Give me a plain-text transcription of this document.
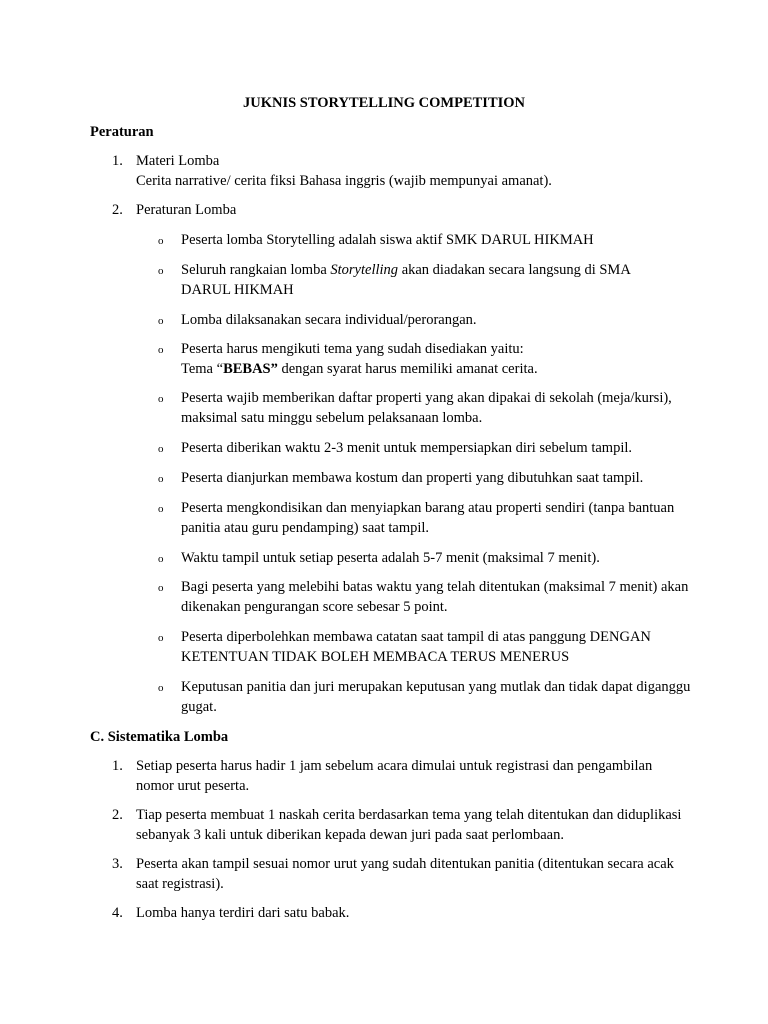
JUKNIS STORYTELLING COMPETITION
Peraturan
1. Materi Lomba
Cerita narrative/ cerita fiksi Bahasa inggris (wajib mempunyai amanat).
2. Peraturan Lomba
o Peserta lomba Storytelling adalah siswa aktif SMK DARUL HIKMAH
o Seluruh rangkaian lomba Storytelling akan diadakan secara langsung di SMA
DARUL HIKMAH
o Lomba dilaksanakan secara individual/perorangan.
o Peserta harus mengikuti tema yang sudah disediakan yaitu:
Tema “BEBAS” dengan syarat harus memiliki amanat cerita.
o Peserta wajib memberikan daftar properti yang akan dipakai di sekolah (meja/kursi), maksimal satu minggu sebelum pelaksanaan lomba.
o Peserta diberikan waktu 2-3 menit untuk mempersiapkan diri sebelum tampil.
o Peserta dianjurkan membawa kostum dan properti yang dibutuhkan saat tampil.
o Peserta mengkondisikan dan menyiapkan barang atau properti sendiri (tanpa bantuan panitia atau guru pendamping) saat tampil.
o Waktu tampil untuk setiap peserta adalah 5-7 menit (maksimal 7 menit).
o Bagi peserta yang melebihi batas waktu yang telah ditentukan (maksimal 7 menit) akan dikenakan pengurangan score sebesar 5 point.
o Peserta diperbolehkan membawa catatan saat tampil di atas panggung DENGAN KETENTUAN TIDAK BOLEH MEMBACA TERUS MENERUS
o Keputusan panitia dan juri merupakan keputusan yang mutlak dan tidak dapat diganggu gugat.
C. Sistematika Lomba
1. Setiap peserta harus hadir 1 jam sebelum acara dimulai untuk registrasi dan pengambilan nomor urut peserta.
2. Tiap peserta membuat 1 naskah cerita berdasarkan tema yang telah ditentukan dan diduplikasi sebanyak 3 kali untuk diberikan kepada dewan juri pada saat perlombaan.
3. Peserta akan tampil sesuai nomor urut yang sudah ditentukan panitia (ditentukan secara acak saat registrasi).
4. Lomba hanya terdiri dari satu babak.
